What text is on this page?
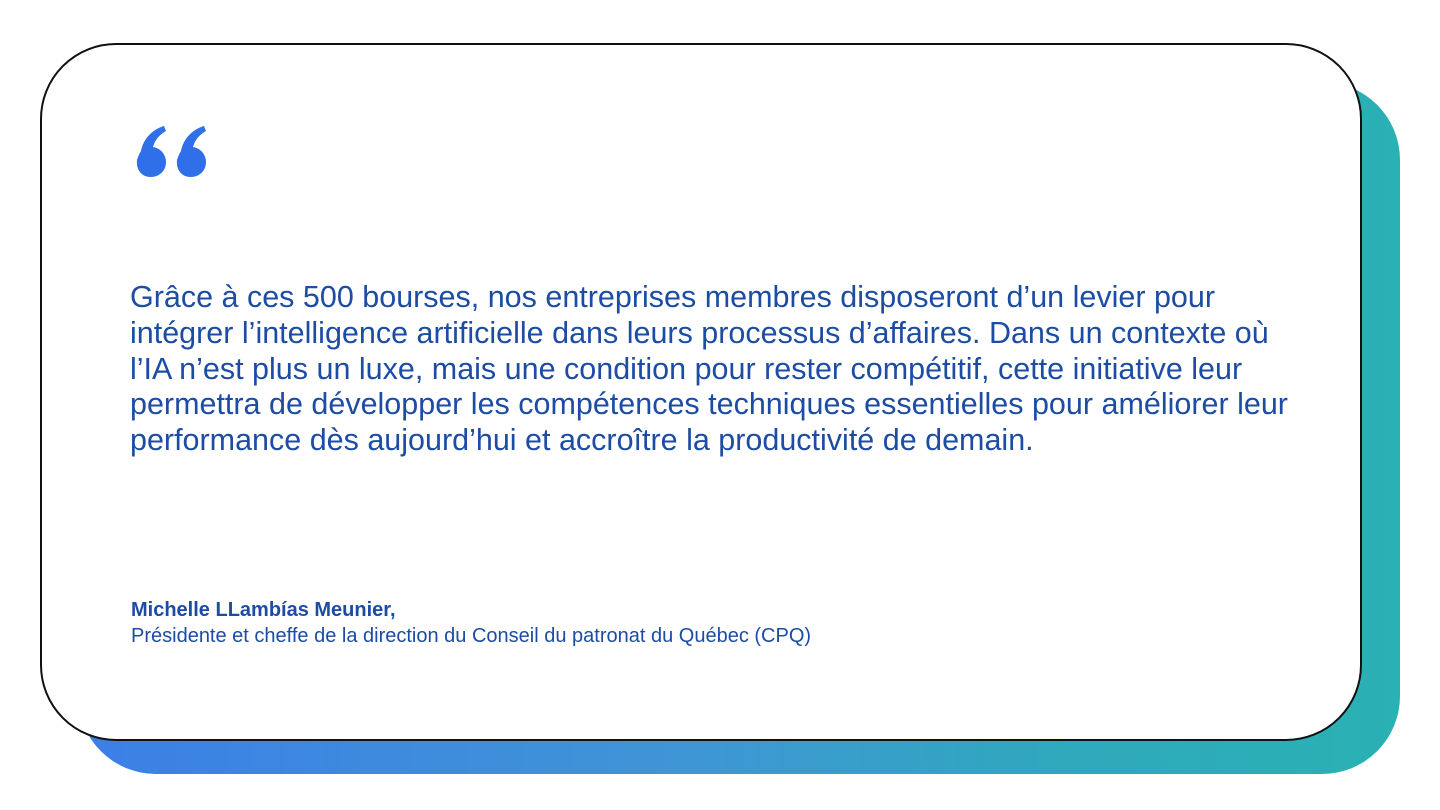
Grâce à ces 500 bourses, nos entreprises membres disposeront d’un levier pour intégrer l’intelligence artificielle dans leurs processus d’affaires. Dans un contexte où l’IA n’est plus un luxe, mais une condition pour rester compétitif, cette initiative leur permettra de développer les compétences techniques essentielles pour améliorer leur performance dès aujourd’hui et accroître la productivité de demain.

Michelle LLambías Meunier,
Présidente et cheffe de la direction du Conseil du patronat du Québec (CPQ)
